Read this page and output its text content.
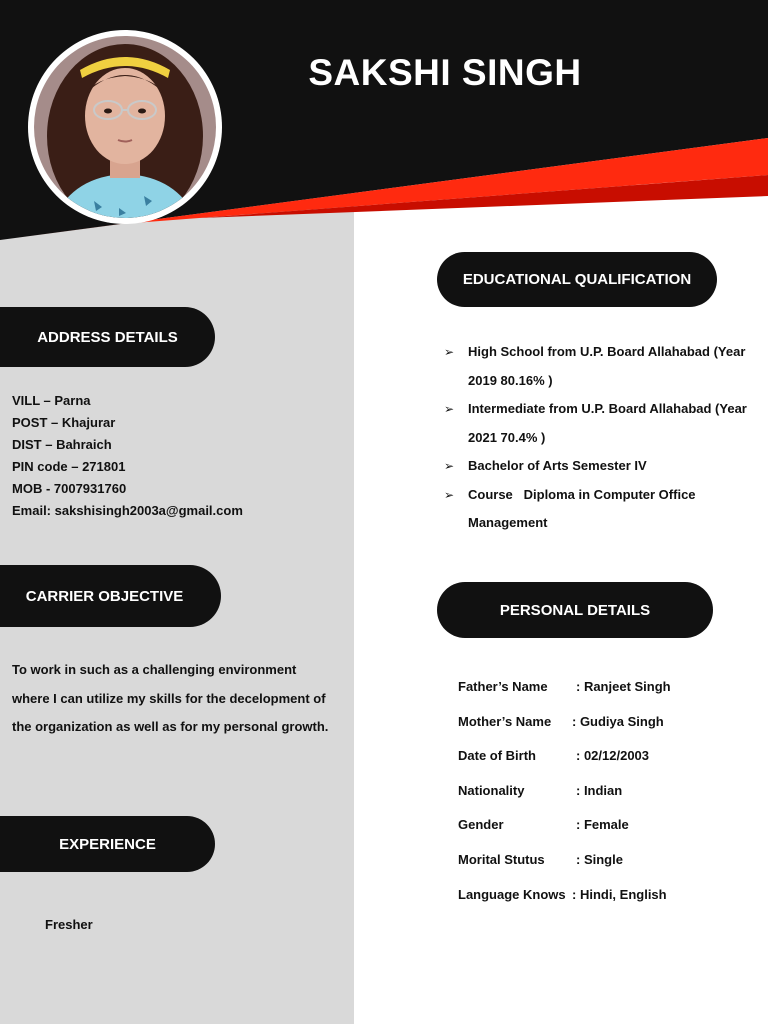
SAKSHI SINGH
ADDRESS DETAILS
VILL – Parna
POST – Khajurar
DIST – Bahraich
PIN code – 271801
MOB - 7007931760
Email: sakshisingh2003a@gmail.com
CARRIER OBJECTIVE
To work in such as a challenging environment where I can utilize my skills for the decelopment of the organization as well as for my personal growth.
EXPERIENCE
Fresher
EDUCATIONAL QUALIFICATION
➢ High School from U.P. Board Allahabad (Year 2019 80.16% )
➢ Intermediate from U.P. Board Allahabad (Year 2021 70.4% )
➢ Bachelor of Arts Semester IV
➢ Course   Diploma in Computer Office Management
PERSONAL DETAILS
Father’s Name	: Ranjeet Singh
Mother’s Name	: Gudiya Singh
Date of Birth	: 02/12/2003
Nationality	: Indian
Gender	: Female
Morital Stutus	: Single
Language Knows : Hindi, English
